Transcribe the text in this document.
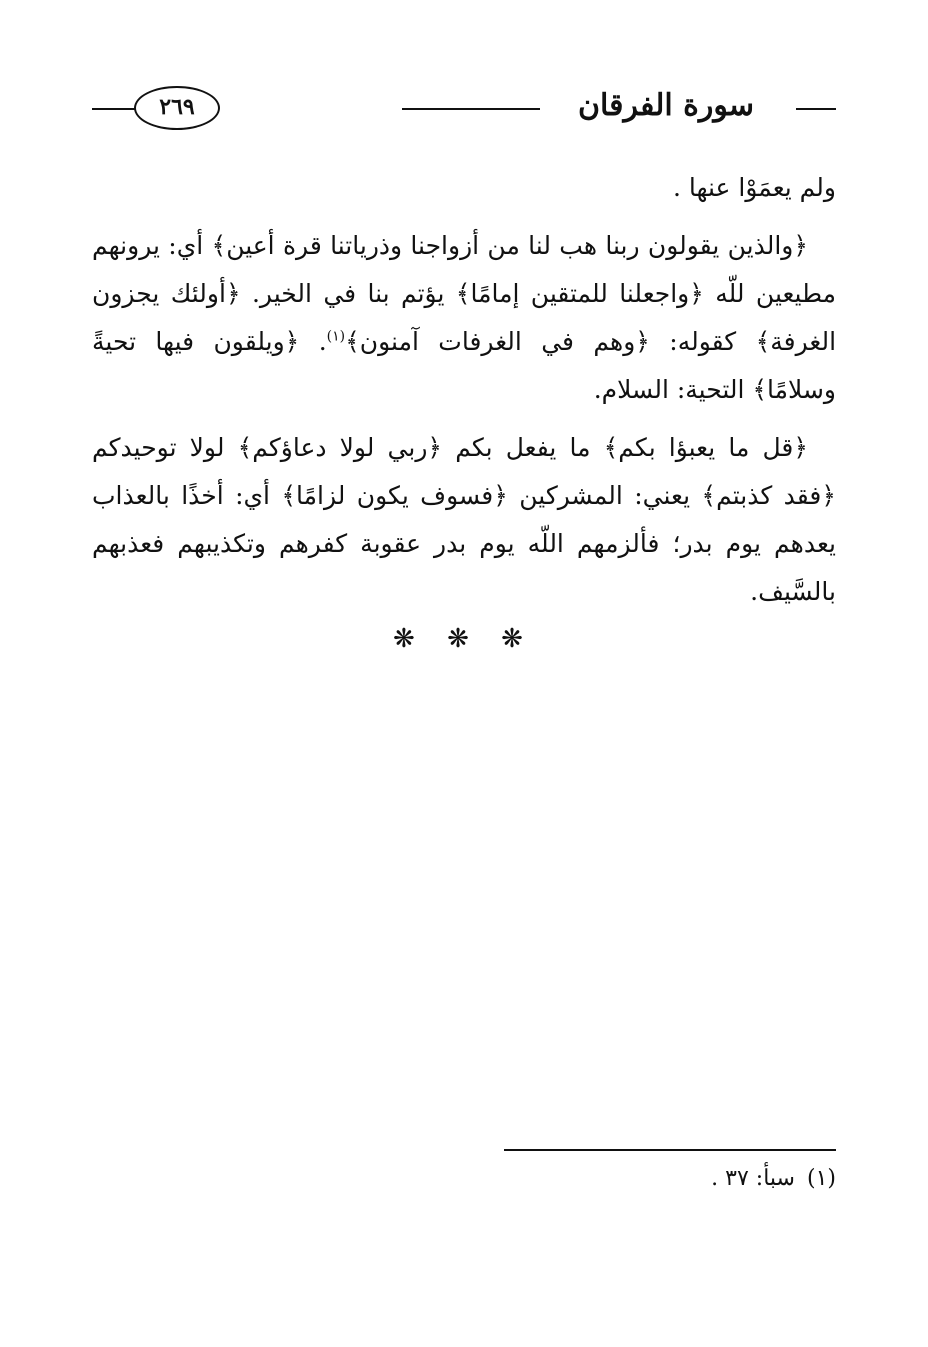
سورة الفرقان
٢٦٩

ولم يعمَوْا عنها .

﴿والذين يقولون ربنا هب لنا من أزواجنا وذرياتنا قرة أعين﴾ أي: يرونهم مطيعين للّه ﴿واجعلنا للمتقين إمامًا﴾ يؤتم بنا في الخير. ﴿أولئك يجزون الغرفة﴾ كقوله: ﴿وهم في الغرفات آمنون﴾$^{(١)}$. ﴿ويلقون فيها تحيةً وسلامًا﴾ التحية: السلام.

﴿قل ما يعبؤا بكم﴾ ما يفعل بكم ﴿ربي لولا دعاؤكم﴾ لولا توحيدكم ﴿فقد كذبتم﴾ يعني: المشركين ﴿فسوف يكون لزامًا﴾ أي: أخذًا بالعذاب يعدهم يوم بدر؛ فألزمهم اللّه يوم بدر عقوبة كفرهم وتكذيبهم فعذبهم بالسَّيف.

❋ ❋ ❋
(١)سبأ: ٣٧ .
